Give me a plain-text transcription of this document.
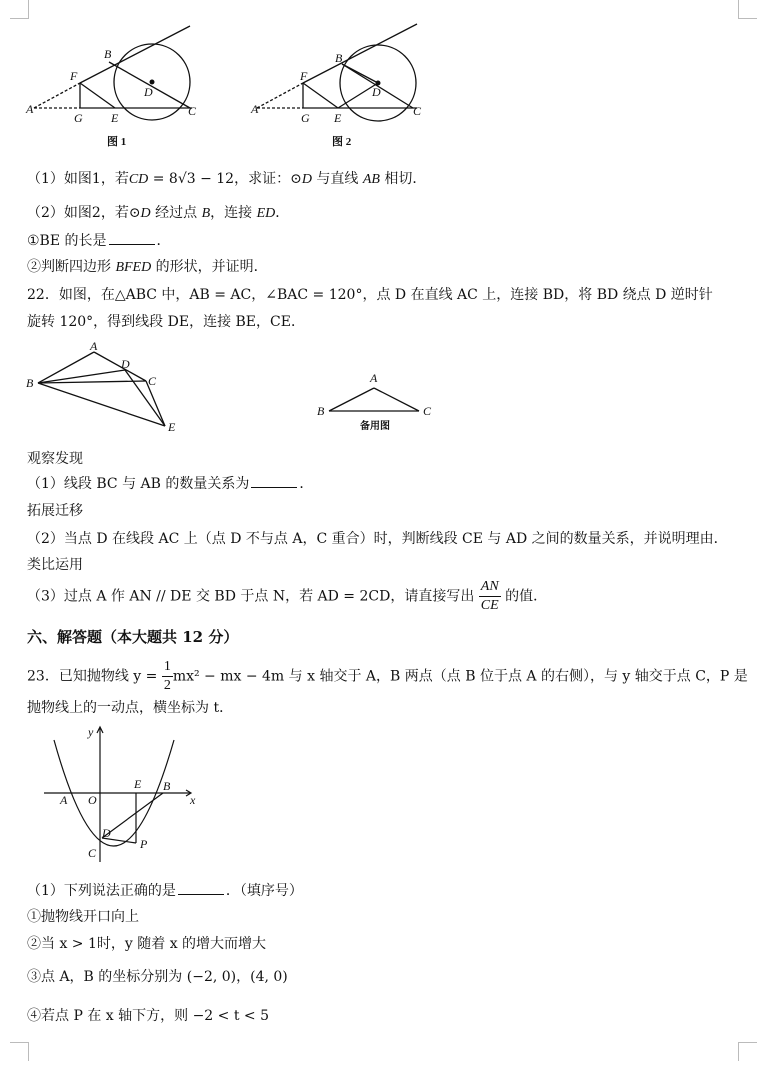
A
B
C
D
E
F
G
图 1
A
B
C
D
E
F
G
图 2
（1）如图1，若CD = 8√3 − 12，求证：⊙D 与直线 AB 相切．
（2）如图2，若⊙D 经过点 B，连接 ED．
①BE 的长是	．
②判断四边形 BFED 的形状，并证明．
22．如图，在△ABC 中，AB = AC，∠BAC = 120°，点 D 在直线 AC 上，连接 BD，将 BD 绕点 D 逆时针
旋转 120°，得到线段 DE，连接 BE，CE．
A
B	C
D
E
A
B	C
备用图
观察发现
（1）线段 BC 与 AB 的数量关系为	．
拓展迁移
（2）当点 D 在线段 AC 上（点 D 不与点 A，C 重合）时，判断线段 CE 与 AD 之间的数量关系，并说明理由．
类比运用
（3）过点 A 作 AN // DE 交 BD 于点 N，若 AD = 2CD，请直接写出 $\frac{AN}{CE}$ 的值．
六、解答题（本大题共 12 分）
23．已知抛物线 $y = \frac{1}{2} mx^2$ − mx − 4m 与 x 轴交于 A，B 两点（点 B 位于点 A 的右侧），与 y 轴交于点 C，P 是
抛物线上的一动点，横坐标为 t．
y
x
A O
E B
D
C
P
（1）下列说法正确的是	．（填序号）
①抛物线开口向上
②当 x > 1时，y 随着 x 的增大而增大
③点 A，B 的坐标分别为 (−2, 0)，(4, 0)
④若点 P 在 x 轴下方，则 −2 < t < 5
